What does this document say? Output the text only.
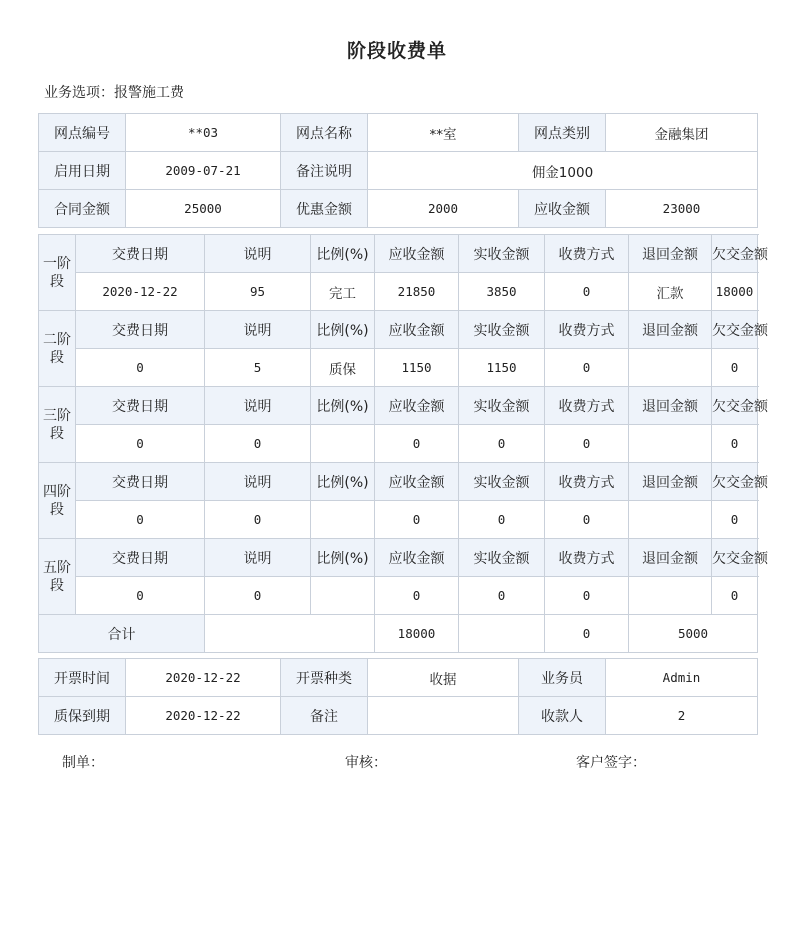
阶段收费单
业务选项：报警施工费
网点编号	**03	网点名称	**室	网点类别	金融集团
启用日期	2009-07-21	备注说明	佣金1000		
合同金额	25000	优惠金额	2000	应收金额	23000
一阶段	交费日期	说明	比例(%)	应收金额	实收金额	收费方式	退回金额	欠交金额
	2020-12-22	95	完工	21850	3850	0	汇款	18000
二阶段	交费日期	说明	比例(%)	应收金额	实收金额	收费方式	退回金额	欠交金额
	0	5	质保	1150	1150	0		0
三阶段	交费日期	说明	比例(%)	应收金额	实收金额	收费方式	退回金额	欠交金额
	0	0		0	0	0		0
四阶段	交费日期	说明	比例(%)	应收金额	实收金额	收费方式	退回金额	欠交金额
	0	0		0	0	0		0
五阶段	交费日期	说明	比例(%)	应收金额	实收金额	收费方式	退回金额	欠交金额
	0	0		0	0	0		0
合计				18000		0	5000	
开票时间	2020-12-22	开票种类	收据	业务员	Admin
质保到期	2020-12-22	备注		收款人	2
制单：	审核：	客户签字：
